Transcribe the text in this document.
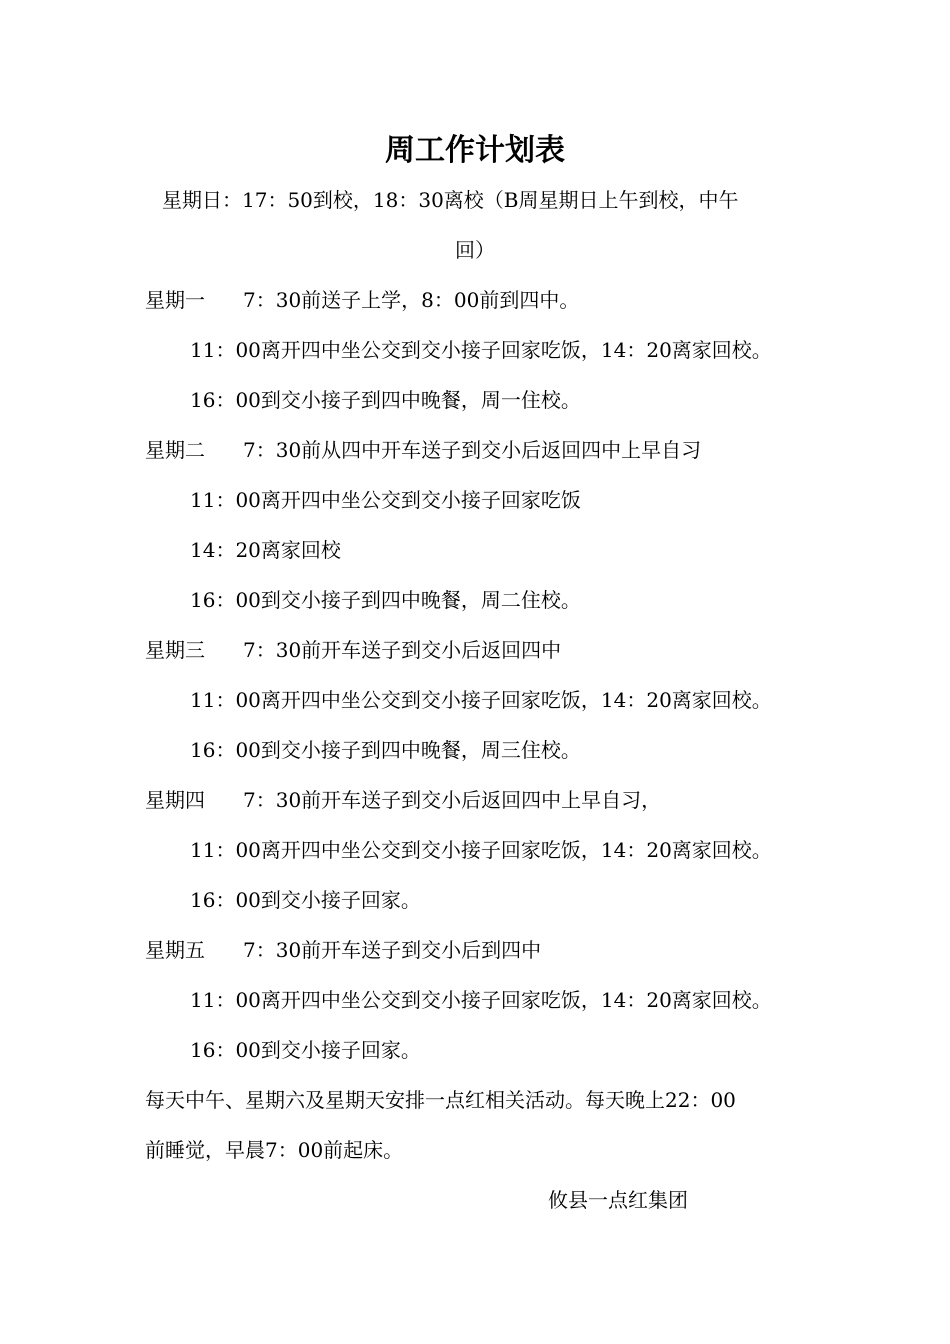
周工作计划表
星期日：17：50到校，18：30离校（B周星期日上午到校，中午
回）
星期一 7：30前送子上学，8：00前到四中。
11：00离开四中坐公交到交小接子回家吃饭，14：20离家回校。
16：00到交小接子到四中晚餐，周一住校。
星期二 7：30前从四中开车送子到交小后返回四中上早自习
11：00离开四中坐公交到交小接子回家吃饭
14：20离家回校
16：00到交小接子到四中晚餐，周二住校。
星期三 7：30前开车送子到交小后返回四中
11：00离开四中坐公交到交小接子回家吃饭，14：20离家回校。
16：00到交小接子到四中晚餐，周三住校。
星期四 7：30前开车送子到交小后返回四中上早自习，
11：00离开四中坐公交到交小接子回家吃饭，14：20离家回校。
16：00到交小接子回家。
星期五 7：30前开车送子到交小后到四中
11：00离开四中坐公交到交小接子回家吃饭，14：20离家回校。
16：00到交小接子回家。
每天中午、星期六及星期天安排一点红相关活动。每天晚上22：00
前睡觉，早晨7：00前起床。
攸县一点红集团
